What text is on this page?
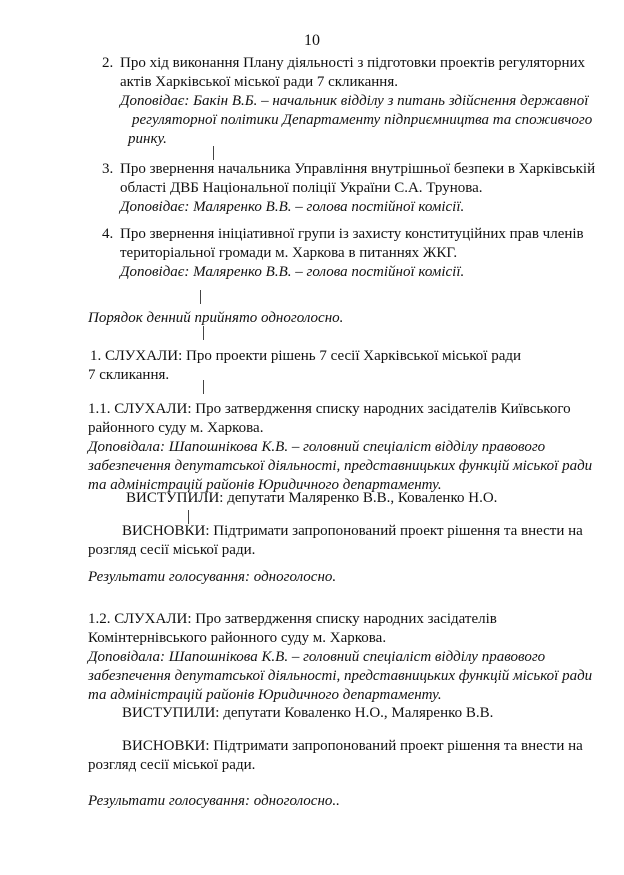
10
2. Про хід виконання Плану діяльності з підготовки проектів регуляторних
актів Харківської міської ради 7 скликання.
Доповідає: Бакін В.Б. – начальник відділу з питань здійснення державної
регуляторної політики Департаменту підприємництва та споживчого
ринку.
3. Про звернення начальника Управління внутрішньої безпеки в Харківській
області ДВБ Національної поліції України С.А. Трунова.
Доповідає: Маляренко В.В. – голова постійної комісії.
4. Про звернення ініціативної групи із захисту конституційних прав членів
територіальної громади м. Харкова в питаннях ЖКГ.
Доповідає: Маляренко В.В. – голова постійної комісії.
Порядок денний прийнято одноголосно.
1. СЛУХАЛИ: Про проекти рішень 7 сесії Харківської міської ради
7 скликання.
1.1. СЛУХАЛИ: Про затвердження списку народних засідателів Київського
районного суду м. Харкова.
Доповідала: Шапошнікова К.В. – головний спеціаліст відділу правового
забезпечення депутатської діяльності, представницьких функцій міської ради
та адміністрацій районів Юридичного департаменту.
ВИСТУПИЛИ: депутати Маляренко В.В., Коваленко Н.О.
ВИСНОВКИ: Підтримати запропонований проект рішення та внести на
розгляд сесії міської ради.
Результати голосування: одноголосно.
1.2. СЛУХАЛИ: Про затвердження списку народних засідателів
Комінтернівського районного суду м. Харкова.
Доповідала: Шапошнікова К.В. – головний спеціаліст відділу правового
забезпечення депутатської діяльності, представницьких функцій міської ради
та адміністрацій районів Юридичного департаменту.
ВИСТУПИЛИ: депутати Коваленко Н.О., Маляренко В.В.
ВИСНОВКИ: Підтримати запропонований проект рішення та внести на
розгляд сесії міської ради.
Результати голосування: одноголосно..
